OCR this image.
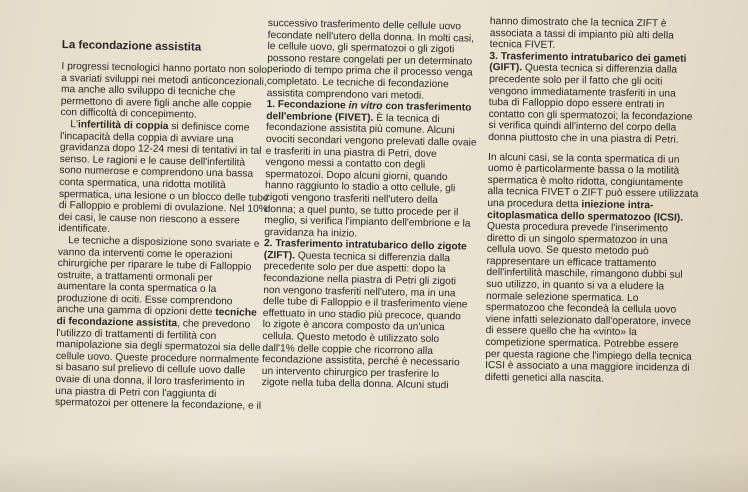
La fecondazione assistita
I progressi tecnologici hanno portato non solo
a svariati sviluppi nei metodi anticoncezionali,
ma anche allo sviluppo di tecniche che
permettono di avere figli anche alle coppie
con difficoltà di concepimento.
L'infertilità di coppia si definisce come
l'incapacità della coppia di avviare una
gravidanza dopo 12-24 mesi di tentativi in tal
senso. Le ragioni e le cause dell'infertilità
sono numerose e comprendono una bassa
conta spermatica, una ridotta motilità
spermatica, una lesione o un blocco delle tube
di Falloppio e problemi di ovulazione. Nel 10%
dei casi, le cause non riescono a essere
identificate.
Le tecniche a disposizione sono svariate e
vanno da interventi come le operazioni
chirurgiche per riparare le tube di Falloppio
ostruite, a trattamenti ormonali per
aumentare la conta spermatica o la
produzione di ociti. Esse comprendono
anche una gamma di opzioni dette tecniche
di fecondazione assistita, che prevedono
l'utilizzo di trattamenti di fertilità con
manipolazione sia degli spermatozoi sia delle
cellule uovo. Queste procedure normalmente
si basano sul prelievo di cellule uovo dalle
ovaie di una donna, il loro trasferimento in
una piastra di Petri con l'aggiunta di
spermatozoi per ottenere la fecondazione, e il
successivo trasferimento delle cellule uovo
fecondate nell'utero della donna. In molti casi,
le cellule uovo, gli spermatozoi o gli zigoti
possono restare congelati per un determinato
periodo di tempo prima che il processo venga
completato. Le tecniche di fecondazione
assistita comprendono vari metodi.
1. Fecondazione in vitro con trasferimento
dell'embrione (FIVET). È la tecnica di
fecondazione assistita più comune. Alcuni
ovociti secondari vengono prelevati dalle ovaie
e trasferiti in una piastra di Petri, dove
vengono messi a contatto con degli
spermatozoi. Dopo alcuni giorni, quando
hanno raggiunto lo stadio a otto cellule, gli
zigoti vengono trasferiti nell'utero della
donna; a quel punto, se tutto procede per il
meglio, si verifica l'impianto dell'embrione e la
gravidanza ha inizio.
2. Trasferimento intratubarico dello zigote
(ZIFT). Questa tecnica si differenzia dalla
precedente solo per due aspetti: dopo la
fecondazione nella piastra di Petri gli zigoti
non vengono trasferiti nell'utero, ma in una
delle tube di Falloppio e il trasferimento viene
effettuato in uno stadio più precoce, quando
lo zigote è ancora composto da un'unica
cellula. Questo metodo è utilizzato solo
dall'1% delle coppie che ricorrono alla
fecondazione assistita, perché è necessario
un intervento chirurgico per trasferire lo
zigote nella tuba della donna. Alcuni studi
hanno dimostrato che la tecnica ZIFT è
associata a tassi di impianto più alti della
tecnica FIVET.
3. Trasferimento intratubarico dei gameti
(GIFT). Questa tecnica si differenzia dalla
precedente solo per il fatto che gli ociti
vengono immediatamente trasferiti in una
tuba di Falloppio dopo essere entrati in
contatto con gli spermatozoi; la fecondazione
si verifica quindi all'interno del corpo della
donna piuttosto che in una piastra di Petri.
In alcuni casi, se la conta spermatica di un
uomo è particolarmente bassa o la motilità
spermatica è molto ridotta, congiuntamente
alla tecnica FIVET o ZIFT può essere utilizzata
una procedura detta iniezione intra-
citoplasmatica dello spermatozoo (ICSI).
Questa procedura prevede l'inserimento
diretto di un singolo spermatozoo in una
cellula uovo. Se questo metodo può
rappresentare un efficace trattamento
dell'infertilità maschile, rimangono dubbi sul
suo utilizzo, in quanto si va a eludere la
normale selezione spermatica. Lo
spermatozoo che fecondeà la cellula uovo
viene infatti selezionato dall'operatore, invece
di essere quello che ha «vinto» la
competizione spermatica. Potrebbe essere
per questa ragione che l'impiego della tecnica
ICSI è associato a una maggiore incidenza di
difetti genetici alla nascita.
